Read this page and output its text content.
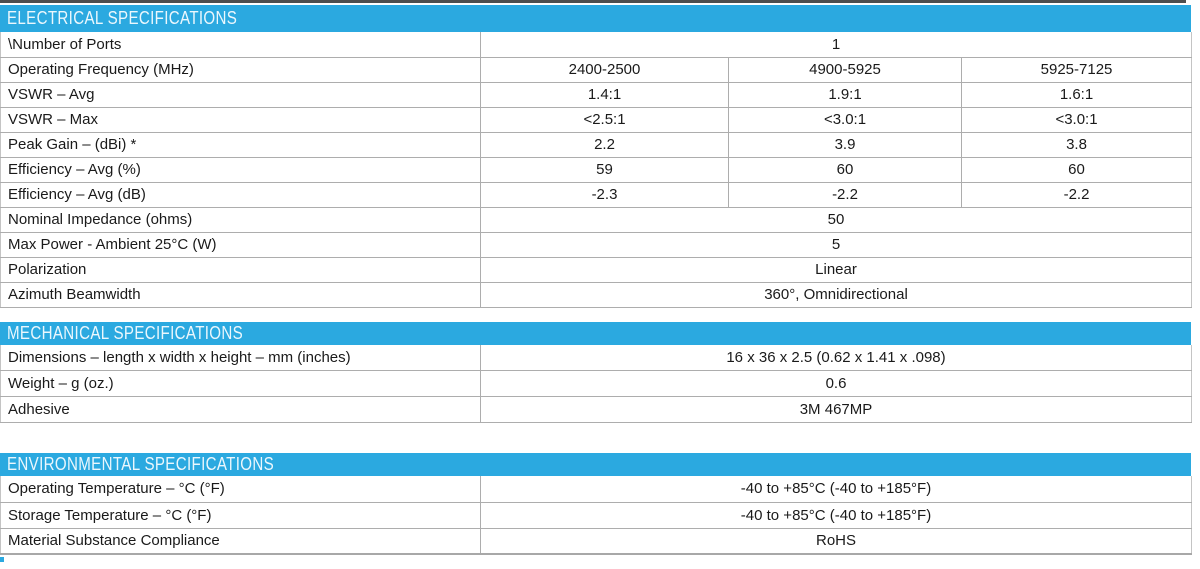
ELECTRICAL SPECIFICATIONS
\Number of Ports	1		
Operating Frequency (MHz)	2400-2500	4900-5925	5925-7125
VSWR – Avg	1.4:1	1.9:1	1.6:1
VSWR – Max	<2.5:1	<3.0:1	<3.0:1
Peak Gain – (dBi) *	2.2	3.9	3.8
Efficiency – Avg (%)	59	60	60
Efficiency – Avg (dB)	-2.3	-2.2	-2.2
Nominal Impedance (ohms)	50		
Max Power - Ambient 25°C (W)	5		
Polarization	Linear		
Azimuth Beamwidth	360°, Omnidirectional		
MECHANICAL SPECIFICATIONS
Dimensions – length x width x height – mm (inches)	16 x 36 x 2.5 (0.62 x 1.41 x .098)
Weight – g (oz.)	0.6
Adhesive	3M 467MP
ENVIRONMENTAL SPECIFICATIONS
Operating Temperature – °C (°F)	-40 to +85°C (-40 to +185°F)
Storage Temperature – °C (°F)	-40 to +85°C (-40 to +185°F)
Material Substance Compliance	RoHS
